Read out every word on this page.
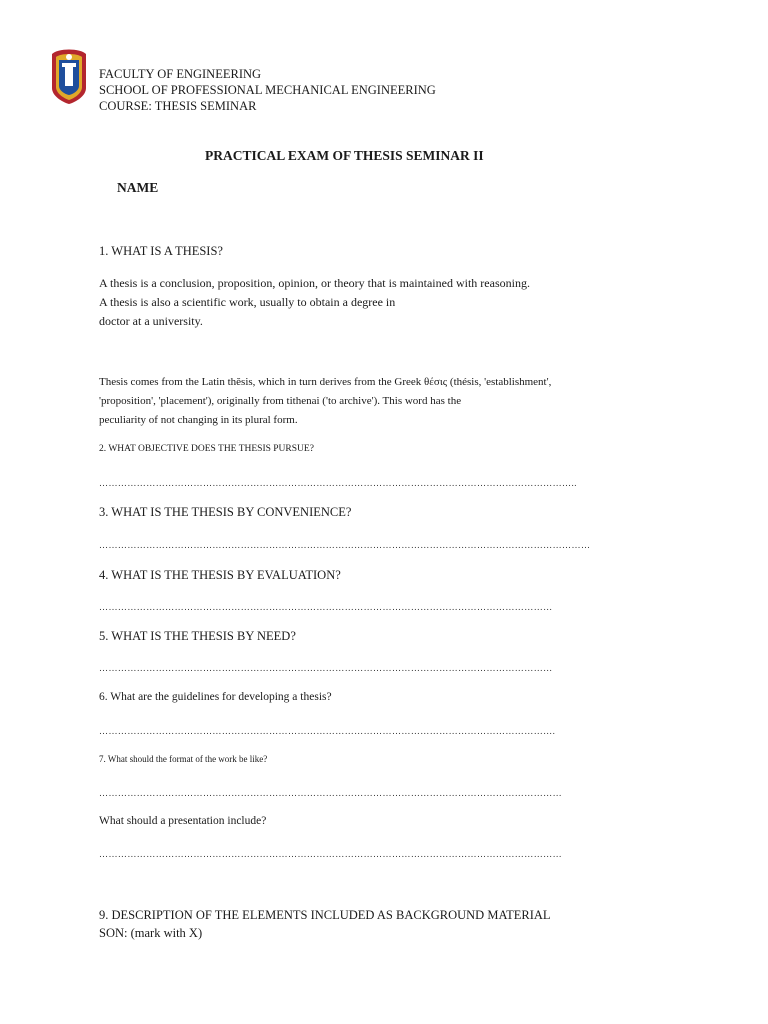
FACULTY OF ENGINEERING
SCHOOL OF PROFESSIONAL MECHANICAL ENGINEERING
COURSE: THESIS SEMINAR
PRACTICAL EXAM OF THESIS SEMINAR II
NAME
1. WHAT IS A THESIS?
A thesis is a conclusion, proposition, opinion, or theory that is maintained with reasoning.
A thesis is also a scientific work, usually to obtain a degree in
doctor at a university.
Thesis comes from the Latin thĕsis, which in turn derives from the Greek θέσις (thésis, 'establishment',
'proposition', 'placement'), originally from tithenai ('to archive'). This word has the
peculiarity of not changing in its plural form.
2. WHAT OBJECTIVE DOES THE THESIS PURSUE?
……………………………………………………………………………………………………………………………………..
3. WHAT IS THE THESIS BY CONVENIENCE?
…………………………………………………………………………………………………………………………………………
4. WHAT IS THE THESIS BY EVALUATION?
………………………………………………………………………………………………………………………………
5. WHAT IS THE THESIS BY NEED?
………………………………………………………………………………………………………………………………
6. What are the guidelines for developing a thesis?
……………………………………………………………………………………………………………………………….
7. What should the format of the work be like?
…………………………………………………………………………………………………………………………………
What should a presentation include?
…………………………………………………………………………………………………………………………………
9. DESCRIPTION OF THE ELEMENTS INCLUDED AS BACKGROUND MATERIAL
SON: (mark with X)
